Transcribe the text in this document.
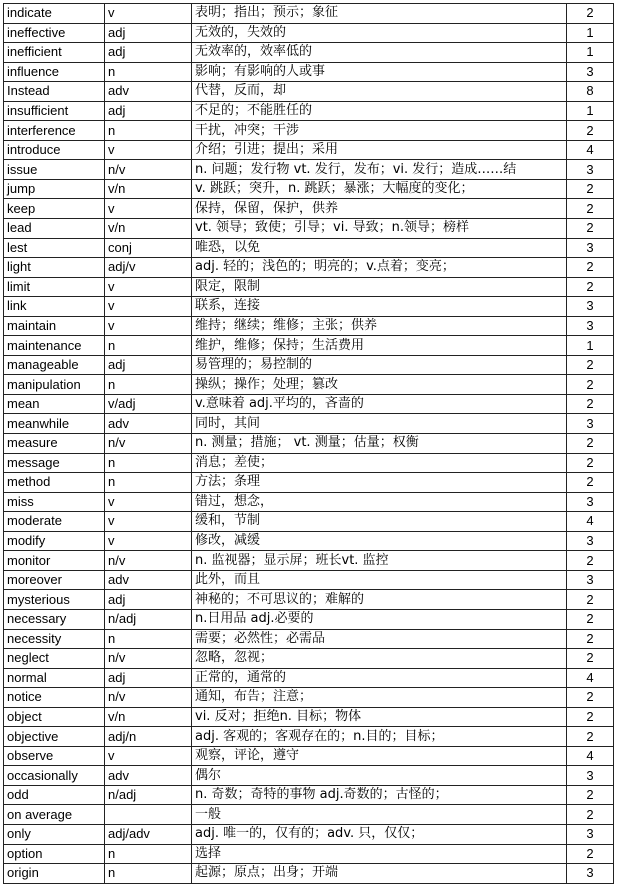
indicate	v	表明；指出；预示；象征	2
ineffective	adj	无效的，失效的	1
inefficient	adj	无效率的，效率低的	1
influence	n	影响；有影响的人或事	3
Instead	adv	代替，反而，却	8
insufficient	adj	不足的；不能胜任的	1
interference	n	干扰，冲突；干涉	2
introduce	v	介绍；引进；提出；采用	4
issue	n/v	n. 问题；发行物 vt. 发行，发布；vi. 发行；造成……结	3
jump	v/n	v. 跳跃；突升，n. 跳跃；暴涨；大幅度的变化；	2
keep	v	保持，保留，保护，供养	2
lead	v/n	vt. 领导；致使；引导；vi. 导致；n.领导；榜样	2
lest	conj	唯恐，以免	3
light	adj/v	adj. 轻的；浅色的；明亮的；v.点着；变亮；	2
limit	v	限定，限制	2
link	v	联系，连接	3
maintain	v	维持；继续；维修；主张；供养	3
maintenance	n	维护，维修；保持；生活费用	1
manageable	adj	易管理的；易控制的	2
manipulation	n	操纵；操作；处理；篡改	2
mean	v/adj	v.意味着 adj.平均的，吝啬的	2
meanwhile	adv	同时，其间	3
measure	n/v	n. 测量；措施； vt. 测量；估量；权衡	2
message	n	消息；差使；	2
method	n	方法；条理	2
miss	v	错过，想念，	3
moderate	v	缓和，节制	4
modify	v	修改，减缓	3
monitor	n/v	n. 监视器；显示屏；班长vt. 监控	2
moreover	adv	此外，而且	3
mysterious	adj	神秘的；不可思议的；难解的	2
necessary	n/adj	n.日用品 adj.必要的	2
necessity	n	需要；必然性；必需品	2
neglect	n/v	忽略，忽视；	2
normal	adj	正常的，通常的	4
notice	n/v	通知，布告；注意；	2
object	v/n	vi. 反对；拒绝n. 目标；物体	2
objective	adj/n	adj. 客观的；客观存在的；n.目的；目标；	2
observe	v	观察，评论，遵守	4
occasionally	adv	偶尔	3
odd	n/adj	n. 奇数；奇特的事物 adj.奇数的；古怪的；	2
on average		一般	2
only	adj/adv	adj. 唯一的，仅有的；adv. 只，仅仅；	3
option	n	选择	2
origin	n	起源；原点；出身；开端	3
